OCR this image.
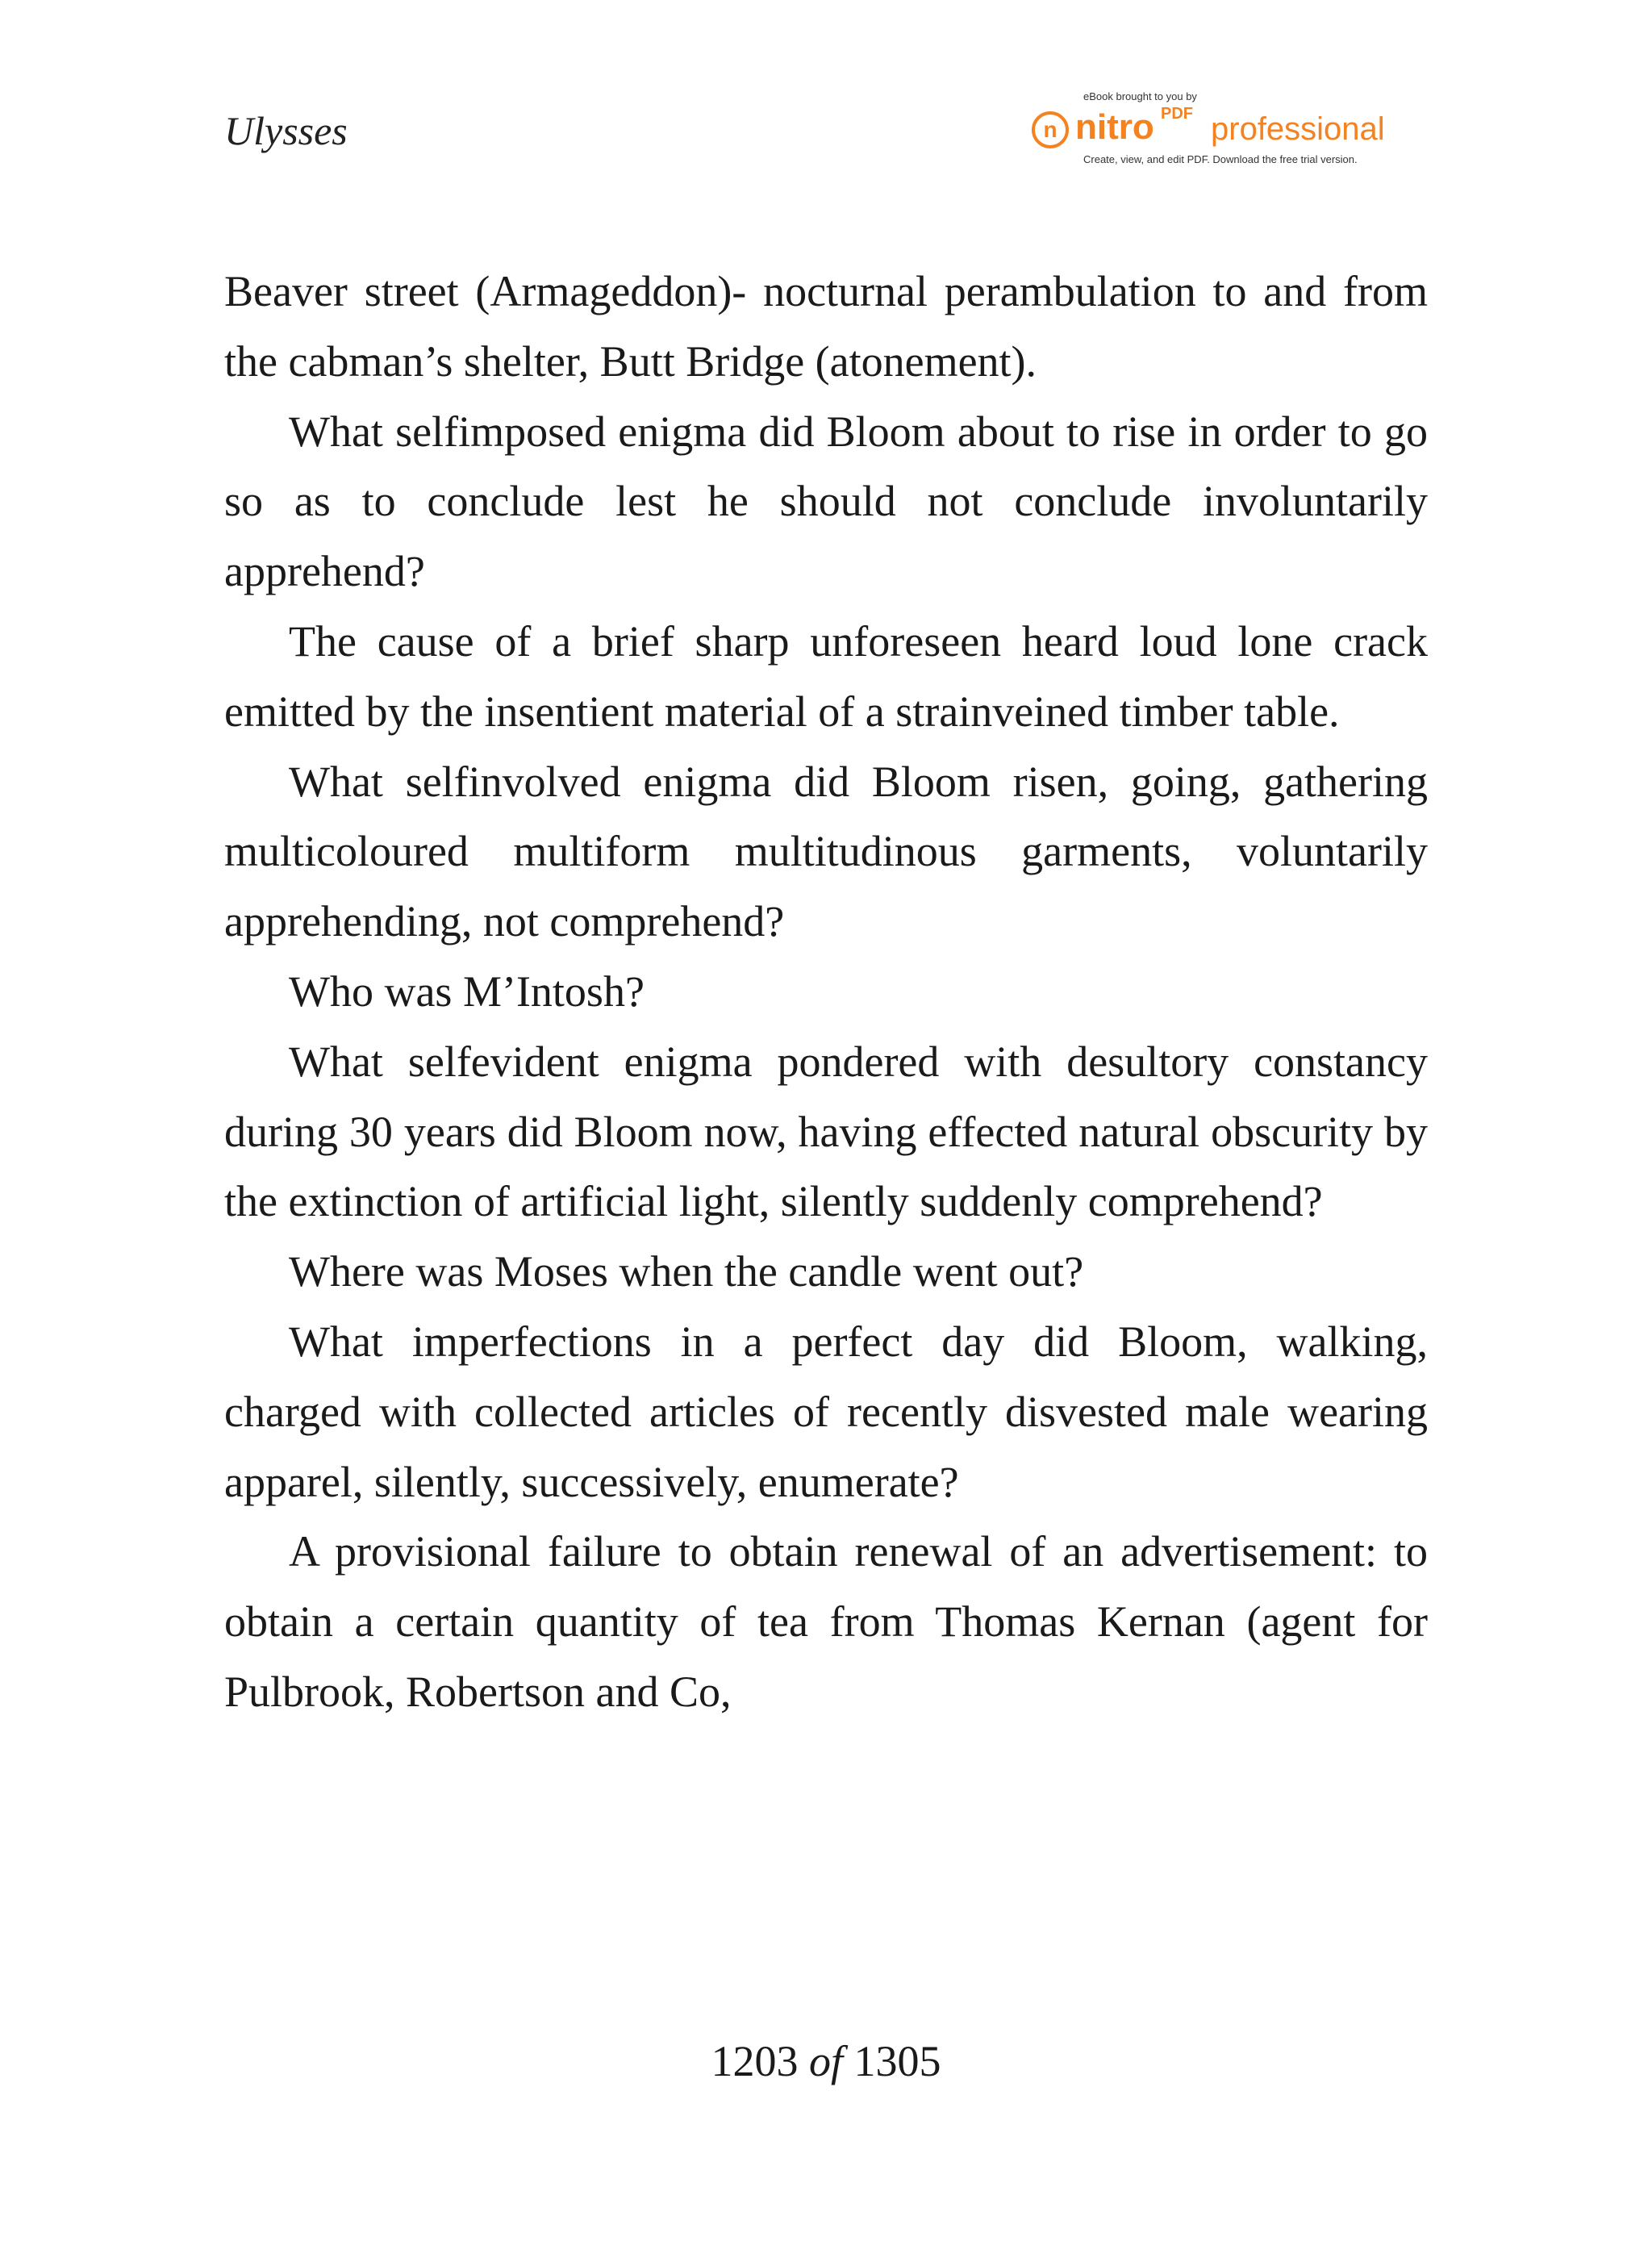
Ulysses
eBook brought to you by
n nitro PDF professional
Create, view, and edit PDF. Download the free trial version.

Beaver street (Armageddon)- nocturnal perambulation to and from the cabman’s shelter, Butt Bridge (atonement).

What selfimposed enigma did Bloom about to rise in order to go so as to conclude lest he should not conclude involuntarily apprehend?

The cause of a brief sharp unforeseen heard loud lone crack emitted by the insentient material of a strainveined timber table.

What selfinvolved enigma did Bloom risen, going, gathering multicoloured multiform multitudinous garments, voluntarily apprehending, not comprehend?

Who was M’Intosh?

What selfevident enigma pondered with desultory constancy during 30 years did Bloom now, having effected natural obscurity by the extinction of artificial light, silently suddenly comprehend?

Where was Moses when the candle went out?

What imperfections in a perfect day did Bloom, walking, charged with collected articles of recently disvested male wearing apparel, silently, successively, enumerate?

A provisional failure to obtain renewal of an advertisement: to obtain a certain quantity of tea from Thomas Kernan (agent for Pulbrook, Robertson and Co,

1203 of 1305
